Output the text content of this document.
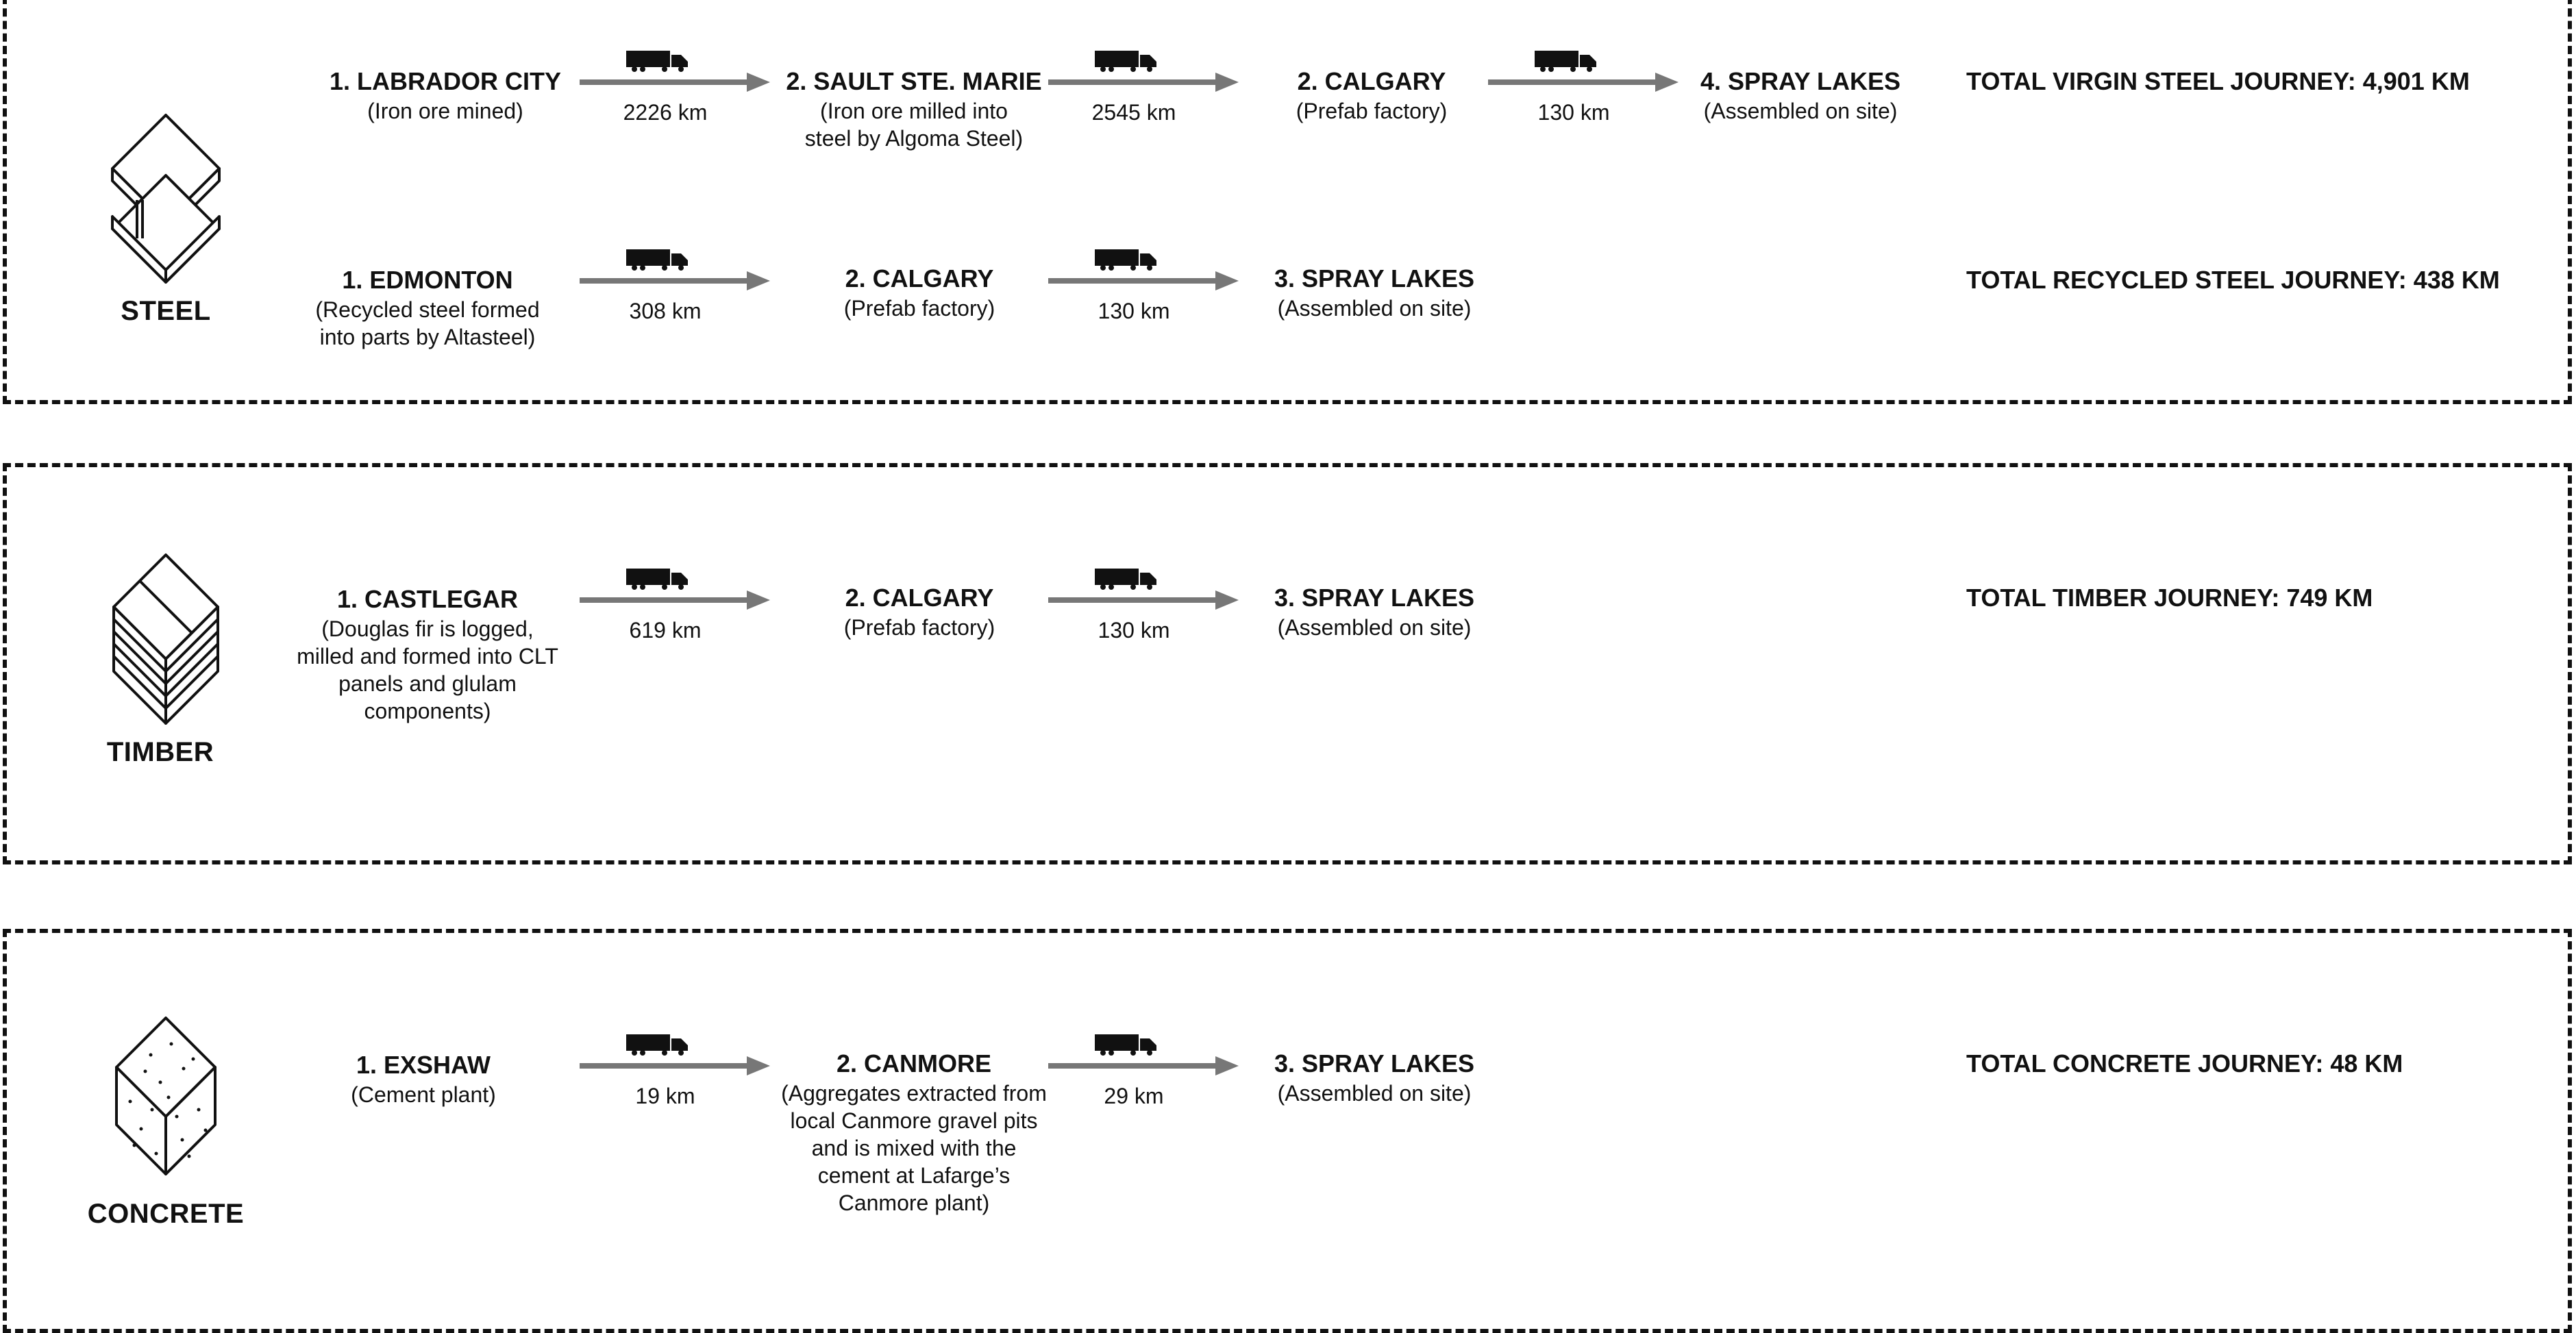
STEEL
1. LABRADOR CITY
(Iron ore mined)	2226 km
2. SAULT STE. MARIE
(Iron ore milled into steel by Algoma Steel)
2545 km
2. CALGARY
(Prefab factory)	130 km
4. SPRAY LAKES
(Assembled on site)
TOTAL VIRGIN STEEL JOURNEY: 4,901 KM
1. EDMONTON
(Recycled steel formed into parts by Altasteel)
308 km
2. CALGARY
(Prefab factory)	130 km
3. SPRAY LAKES
(Assembled on site)
TOTAL RECYCLED STEEL JOURNEY: 438 KM
TIMBER
1. CASTLEGAR
(Douglas fir is logged, milled and formed into CLT panels and glulam components)
619 km
2. CALGARY
(Prefab factory)	130 km
3. SPRAY LAKES
(Assembled on site)
TOTAL TIMBER JOURNEY: 749 KM
CONCRETE
1. EXSHAW
(Cement plant)	19 km
2. CANMORE
(Aggregates extracted from local Canmore gravel pits and is mixed with the cement at Lafarge’s Canmore plant)
29 km
3. SPRAY LAKES
(Assembled on site)
TOTAL CONCRETE JOURNEY: 48 KM
